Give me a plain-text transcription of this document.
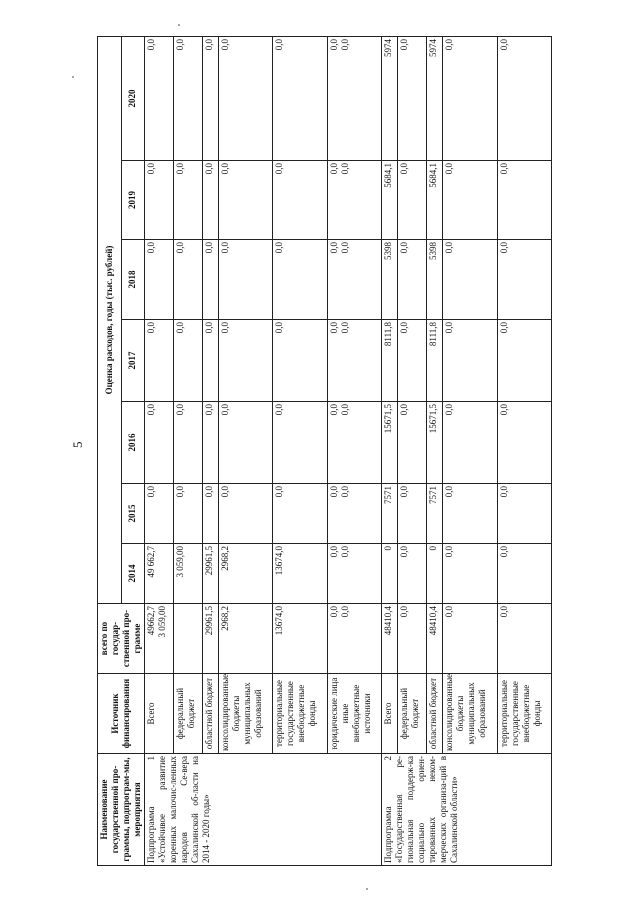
5
Наименование государственной про-граммы, подпрограм-мы, мероприятия	Источник финансирования	всего по государ-ственной про-грамме	Оценка расходов, годы (тыс. рублей)						
			2014	2015	2016	2017	2018	2019	2020
Подпрограмма 1 «Устойчивое развитие коренных малочис-ленных народов Се-вера Сахалинской об-ласти на 2014 - 2020 годы»	Всего	49662,7 3 059,00	49 662,7	0,0	0,0	0,0	0,0	0,0	0,0
	федеральный бюджет		3 059,00	0,0	0,0	0,0	0,0	0,0	0,0
	областной бюджет	29961,5	29961,5	0,0	0,0	0,0	0,0	0,0	0,0
	консолидированные бюджеты муниципальных образований	2968,2	2968,2	0,0	0,0	0,0	0,0	0,0	0,0
	территориальные государственные внебюджетные фонды	13674,0	13674,0	0,0	0,0	0,0	0,0	0,0	0,0

	юридические лица иные внебюджетные источники	0,0 0,0	0,0 0,0	0,0 0,0	0,0 0,0	0,0 0,0	0,0 0,0	0,0 0,0	0,0 0,0

Подпрограмма 2 «Государственная ре-гиональная поддерж-ка социально ориен-тированных неком-мерческих организа-ций в Сахалинской области»	Всего	48410,4	0	7571	15671,5	8111,8	5398	5684,1	5974
	федеральный бюджет	0,0	0,0	0,0	0,0	0,0	0,0	0,0	0,0
	областной бюджет	48410,4	0	7571	15671,5	8111,8	5398	5684,1	5974
	консолидированные бюджеты муниципальных образований	0,0	0,0	0,0	0,0	0,0	0,0	0,0	0,0
	территориальные государственные внебюджетные фонды	0,0	0,0	0,0	0,0	0,0	0,0	0,0	0,0
